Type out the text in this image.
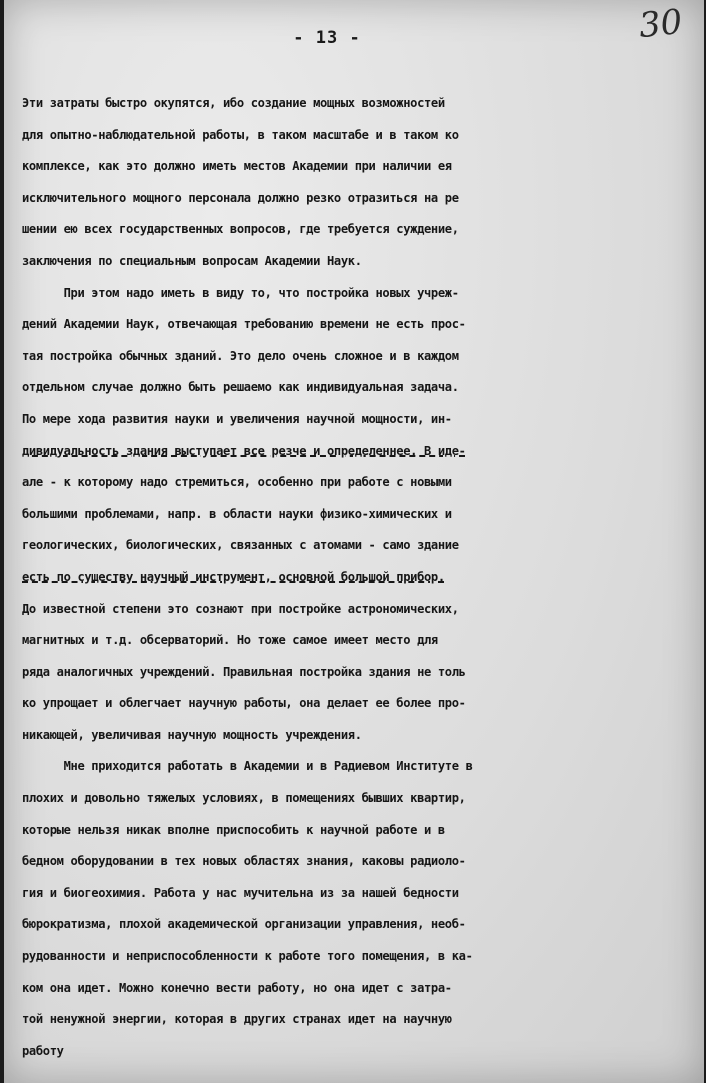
- 13 -	30
Эти затраты быстро окупятся, ибо создание мощных возможностей
для опытно-наблюдательной работы, в таком масштабе и в таком ко
комплексе, как это должно иметь местов Академии при наличии ея
исключительного мощного персонала должно резко отразиться на ре
шении ею всех государственных вопросов, где требуется суждение,
заключения по специальным вопросам Академии Наук.
При этом надо иметь в виду то, что постройка новых учреж-
дений Академии Наук, отвечающая требованию времени не есть прос-
тая постройка обычных зданий. Это дело очень сложное и в каждом
отдельном случае должно быть решаемо как индивидуальная задача.
По мере хода развития науки и увеличения научной мощности, ин-
дивидуальность здания выступает все резче и определеннее. В иде-
але - к которому надо стремиться, особенно при работе с новыми
большими проблемами, напр. в области науки физико-химических и
геологических, биологических, связанных с атомами - само здание
есть по существу научный инструмент, основной большой прибор.
До известной степени это сознают при постройке астрономических,
магнитных и т.д. обсерваторий. Но тоже самое имеет место для
ряда аналогичных учреждений. Правильная постройка здания не толь
ко упрощает и облегчает научную работы, она делает ее более про-
никающей, увеличивая научную мощность учреждения.
Мне приходится работать в Академии и в Радиевом Институте в
плохих и довольно тяжелых условиях, в помещениях бывших квартир,
которые нельзя никак вполне приспособить к научной работе и в
бедном оборудовании в тех новых областях знания, каковы радиоло-
гия и биогеохимия. Работа у нас мучительна из за нашей бедности
бюрократизма, плохой академической организации управления, необ-
рудованности и неприспособленности к работе того помещения, в ка-
ком она идет. Можно конечно вести работу, но она идет с затра-
той ненужной энергии, которая в других странах идет на научную
работу
